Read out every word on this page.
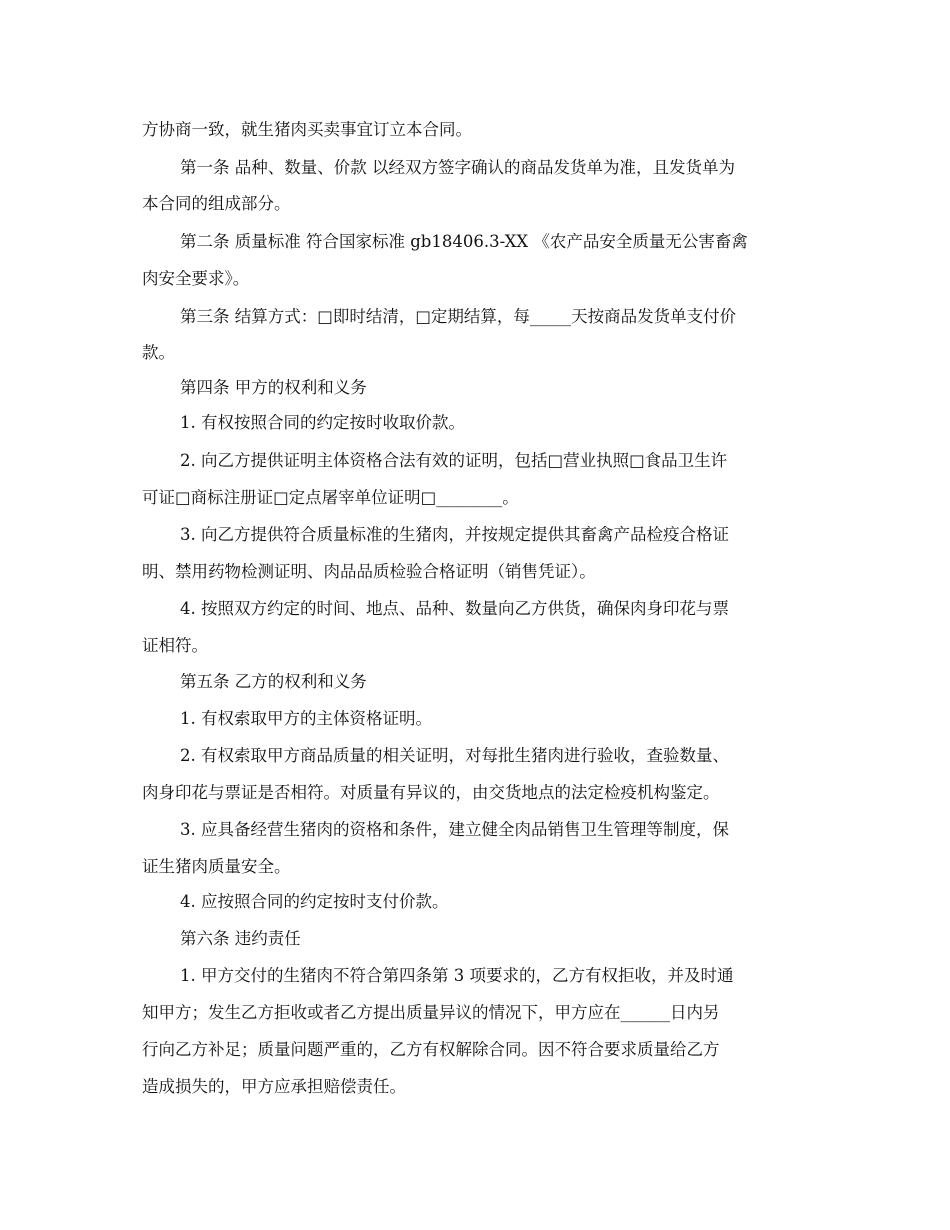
方协商一致，就生猪肉买卖事宜订立本合同。
第一条 品种、数量、价款 以经双方签字确认的商品发货单为准，且发货单为
本合同的组成部分。
第二条 质量标准 符合国家标准 gb18406.3-XX 《农产品安全质量无公害畜禽
肉安全要求》。
第三条 结算方式：□即时结清，□定期结算，每_____天按商品发货单支付价
款。
第四条 甲方的权利和义务
1. 有权按照合同的约定按时收取价款。
2. 向乙方提供证明主体资格合法有效的证明，包括□营业执照□食品卫生许
可证□商标注册证□定点屠宰单位证明□________。
3. 向乙方提供符合质量标准的生猪肉，并按规定提供其畜禽产品检疫合格证
明、禁用药物检测证明、肉品品质检验合格证明（销售凭证）。
4. 按照双方约定的时间、地点、品种、数量向乙方供货，确保肉身印花与票
证相符。
第五条 乙方的权利和义务
1. 有权索取甲方的主体资格证明。
2. 有权索取甲方商品质量的相关证明，对每批生猪肉进行验收，查验数量、
肉身印花与票证是否相符。对质量有异议的，由交货地点的法定检疫机构鉴定。
3. 应具备经营生猪肉的资格和条件，建立健全肉品销售卫生管理等制度，保
证生猪肉质量安全。
4. 应按照合同的约定按时支付价款。
第六条 违约责任
1. 甲方交付的生猪肉不符合第四条第 3 项要求的，乙方有权拒收，并及时通
知甲方；发生乙方拒收或者乙方提出质量异议的情况下，甲方应在______日内另
行向乙方补足；质量问题严重的，乙方有权解除合同。因不符合要求质量给乙方
造成损失的，甲方应承担赔偿责任。
